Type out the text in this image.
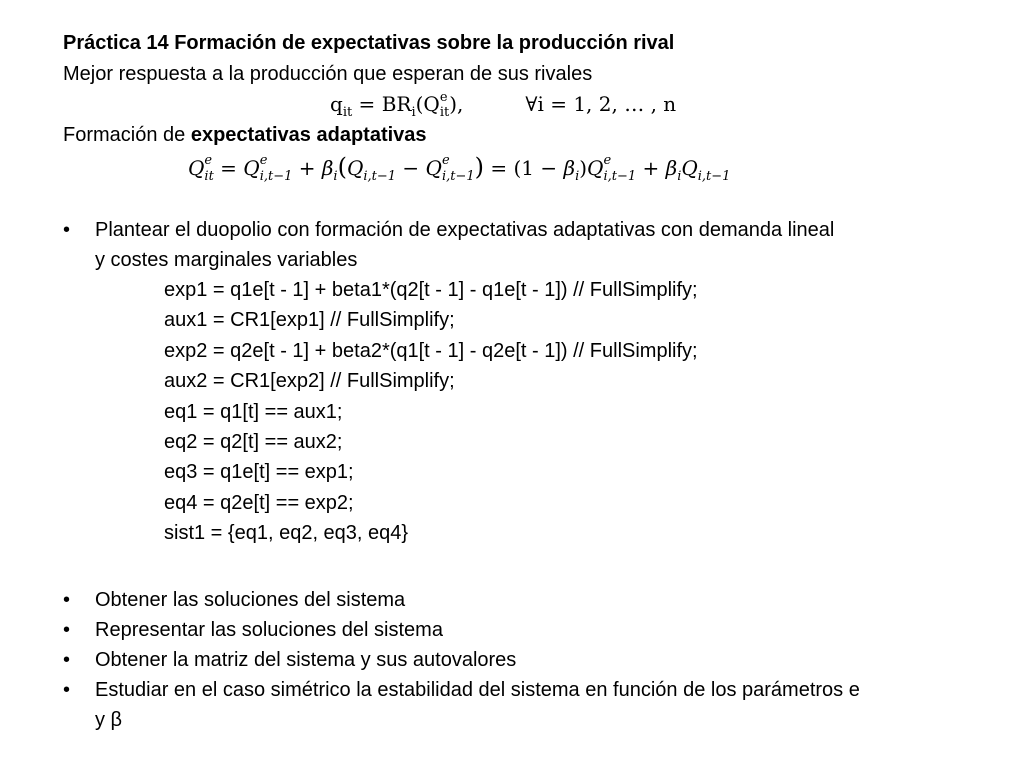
Práctica 14 Formación de expectativas sobre la producción rival
Mejor respuesta a la producción que esperan de sus rivales
$q_{it} = BR_i(Q$ e
$_{it}$),	∀i = 1, 2, … , n
Formación de expectativas adaptativas
Q e
$_{it}$ = Q e
$_{i,t-1} + \beta_i(Q_{i,t-1} - Q$ e
$_{i,t-1}) = (1 - \beta_i)Q$ e
$_{i,t-1} + \beta_iQ_{i,t-1}$
• Plantear el duopolio con formación de expectativas adaptativas con demanda lineal
y costes marginales variables
exp1 = q1e[t - 1] + beta1*(q2[t - 1] - q1e[t - 1]) // FullSimplify;
aux1 = CR1[exp1] // FullSimplify;
exp2 = q2e[t - 1] + beta2*(q1[t - 1] - q2e[t - 1]) // FullSimplify;
aux2 = CR1[exp2] // FullSimplify;
eq1 = q1[t] == aux1;
eq2 = q2[t] == aux2;
eq3 = q1e[t] == exp1;
eq4 = q2e[t] == exp2;
sist1 = {eq1, eq2, eq3, eq4}
• Obtener las soluciones del sistema
• Representar las soluciones del sistema
• Obtener la matriz del sistema y sus autovalores
• Estudiar en el caso simétrico la estabilidad del sistema en función de los parámetros e
y β
